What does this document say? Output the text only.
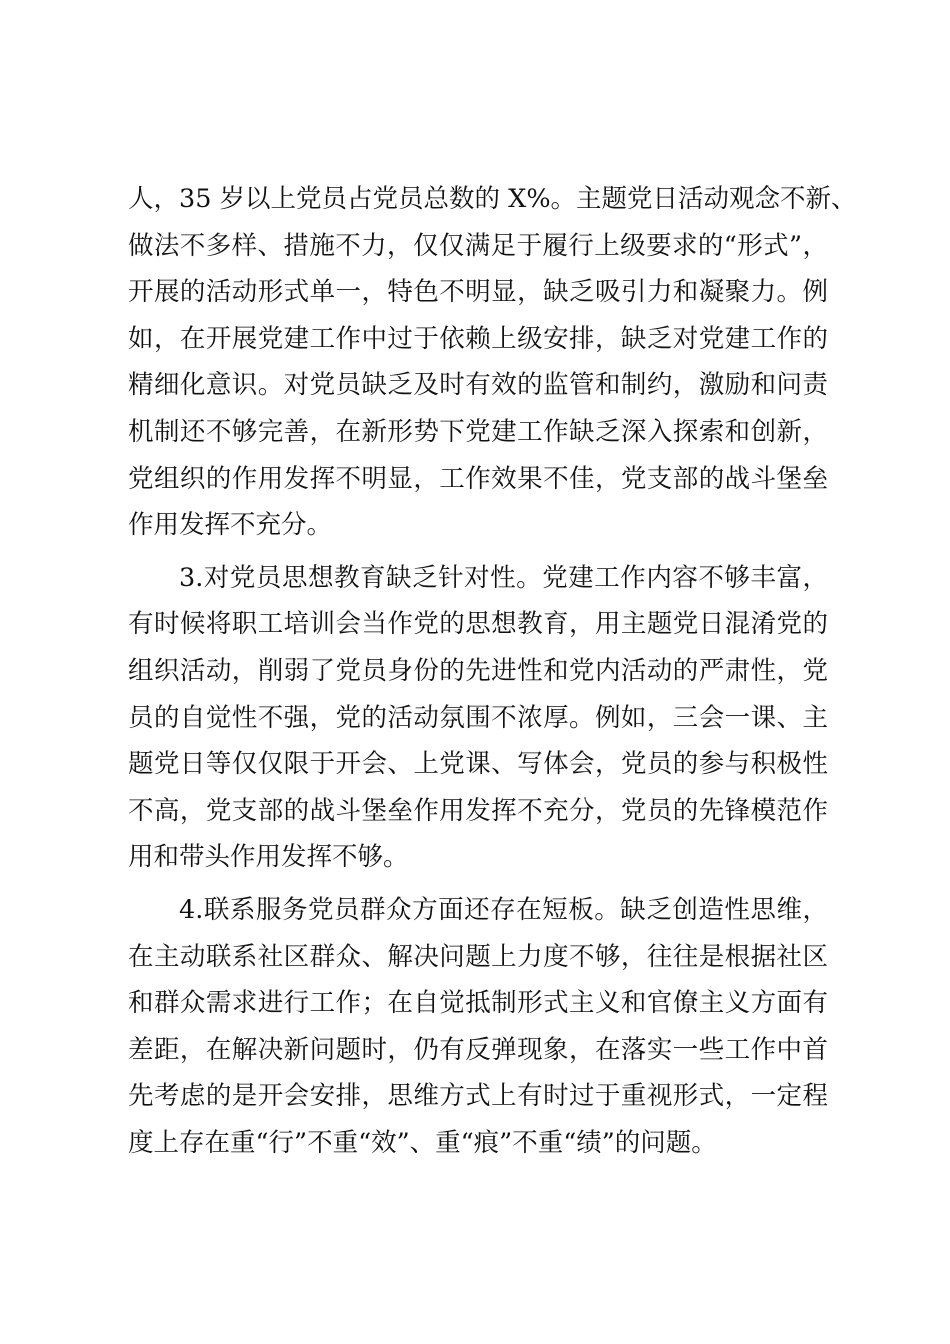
人，35 岁以上党员占党员总数的 X%。主题党日活动观念不新、
做法不多样、措施不力，仅仅满足于履行上级要求的“形式”，
开展的活动形式单一，特色不明显，缺乏吸引力和凝聚力。例
如，在开展党建工作中过于依赖上级安排，缺乏对党建工作的
精细化意识。对党员缺乏及时有效的监管和制约，激励和问责
机制还不够完善，在新形势下党建工作缺乏深入探索和创新，
党组织的作用发挥不明显，工作效果不佳，党支部的战斗堡垒
作用发挥不充分。
3.对党员思想教育缺乏针对性。党建工作内容不够丰富，
有时候将职工培训会当作党的思想教育，用主题党日混淆党的
组织活动，削弱了党员身份的先进性和党内活动的严肃性，党
员的自觉性不强，党的活动氛围不浓厚。例如，三会一课、主
题党日等仅仅限于开会、上党课、写体会，党员的参与积极性
不高，党支部的战斗堡垒作用发挥不充分，党员的先锋模范作
用和带头作用发挥不够。
4.联系服务党员群众方面还存在短板。缺乏创造性思维，
在主动联系社区群众、解决问题上力度不够，往往是根据社区
和群众需求进行工作；在自觉抵制形式主义和官僚主义方面有
差距，在解决新问题时，仍有反弹现象，在落实一些工作中首
先考虑的是开会安排，思维方式上有时过于重视形式，一定程
度上存在重“行”不重“效”、重“痕”不重“绩”的问题。
